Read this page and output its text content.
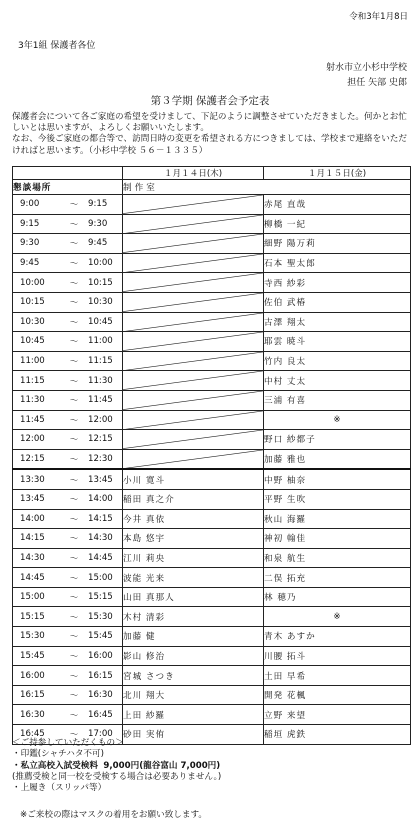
令和3年1月8日
3年1組 保護者各位
射水市立小杉中学校
担任 矢部 史郎
第３学期 保護者会予定表

保護者会について各ご家庭の希望を受けまして、下記のように調整させていただきました。何かとお忙しいとは思いますが、よろしくお願いいたします。

なお、今後ご家庭の都合等で、訪問日時の変更を希望される方につきましては、学校まで連絡をいただければと思います。（小杉中学校 ５６－１３３５）

	１月１４日(木)	１月１５日(金)
懇談場所	制作室	

9:00 ～ 9:15		赤尾 直哉

9:15 ～ 9:30		柳橋 一紀

9:30 ～ 9:45		細野 陽万莉

9:45 ～ 10:00		石本 聖太郎

10:00 ～ 10:15		寺西 紗彩

10:15 ～ 10:30		佐伯 武椿

10:30 ～ 10:45		古澤 翔太

10:45 ～ 11:00		耶雲 暁斗

11:00 ～ 11:15		竹内 良太

11:15 ～ 11:30		中村 丈太

11:30 ～ 11:45		三浦 有喜

11:45 ～ 12:00		※

12:00 ～ 12:15		野口 紗都子

12:15 ～ 12:30		加藤 雅也

13:30 ～ 13:45	小川 寛斗	中野 柚奈

13:45 ～ 14:00	稲田 真之介	平野 生吹

14:00 ～ 14:15	今井 真依	秋山 海羅

14:15 ～ 14:30	本島 悠宇	神初 翰佳

14:30 ～ 14:45	江川 莉央	和泉 航生

14:45 ～ 15:00	波能 光来	二俣 拓充

15:00 ～ 15:15	山田 真那人	林 穂乃

15:15 ～ 15:30	木村 清彩	※

15:30 ～ 15:45	加藤 健	青木 あすか

15:45 ～ 16:00	影山 修治	川腰 拓斗

16:00 ～ 16:15	宮城 さつき	土田 早希

16:15 ～ 16:30	北川 翔大	開発 花楓

16:30 ～ 16:45	上田 紗羅	立野 来望

16:45 ～ 17:00	砂田 実侑	稲垣 虎鉄
＜ご持参していただくもの＞
・印鑑(シャチハタ不可)
・私立高校入試受検料 9,000円(龍谷富山 7,000円)
(推薦受検と同一校を受検する場合は必要ありません。)
・上履き（スリッパ等）
※ご来校の際はマスクの着用をお願い致します。
